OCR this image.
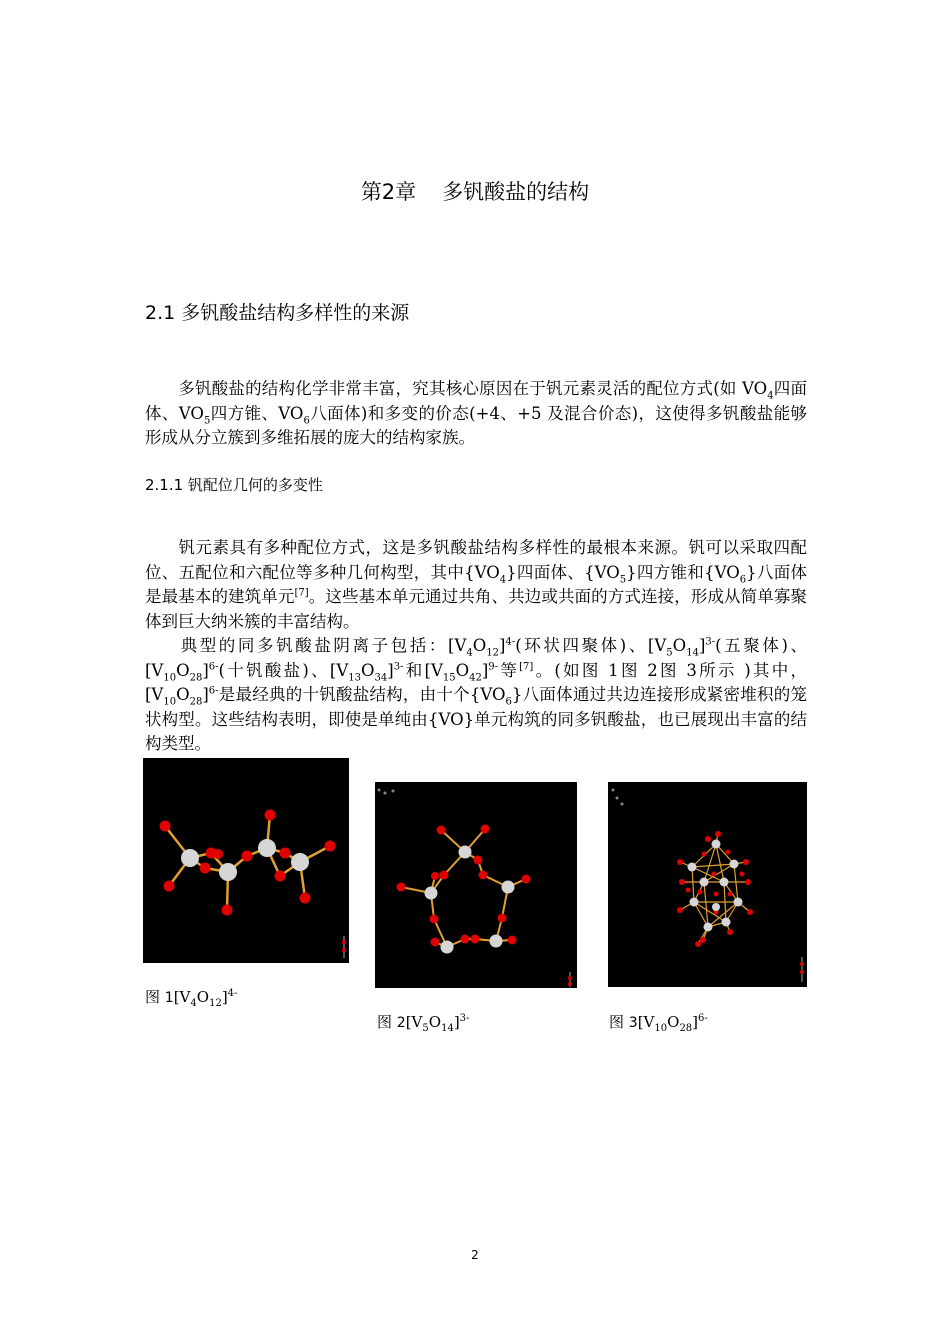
第2章 多钒酸盐的结构
2.1 多钒酸盐结构多样性的来源

多钒酸盐的结构化学非常丰富，究其核心原因在于钒元素灵活的配位方式(如 $VO_4$四面体、$VO_5$四方锥、$VO_6$八面体)和多变的价态(+4、+5 及混合价态)，这使得多钒酸盐能够形成从分立簇到多维拓展的庞大的结构家族。

2.1.1 钒配位几何的多变性
钒元素具有多种配位方式，这是多钒酸盐结构多样性的最根本来源。钒可以采取四配位、五配位和六配位等多种几何构型，其中$\{VO_4\}$四面体、$\{VO_5\}$四方锥和$\{VO_6\}$八面体是最基本的建筑单元[7]。这些基本单元通过共角、共边或共面的方式连接，形成从简单寡聚体到巨大纳米簇的丰富结构。
典型的同多钒酸盐阴离子包括：$[V_4O_{12}]^{4-}$(环状四聚体)、$[V_5O_{14}]^{3-}$(五聚体)、$[V_{10}O_{28}]^{6-}$(十钒酸盐)、$[V_{13}O_{34}]^{3-}$和$[V_{15}O_{42}]^{9-}$等[7]。(如图 1图 2图 3所示 )其中，$[V_{10}O_{28}]^{6-}$是最经典的十钒酸盐结构，由十个$\{VO_6\}$八面体通过共边连接形成紧密堆积的笼状构型。这些结构表明，即使是单纯由{VO}单元构筑的同多钒酸盐，也已展现出丰富的结构类型。
图 $1[V_4O_{12}]^{4-}$
图 $2[V_5O_{14}]^{3-}$	图 $3[V_{10}O_{28}]^{6-}$
2
